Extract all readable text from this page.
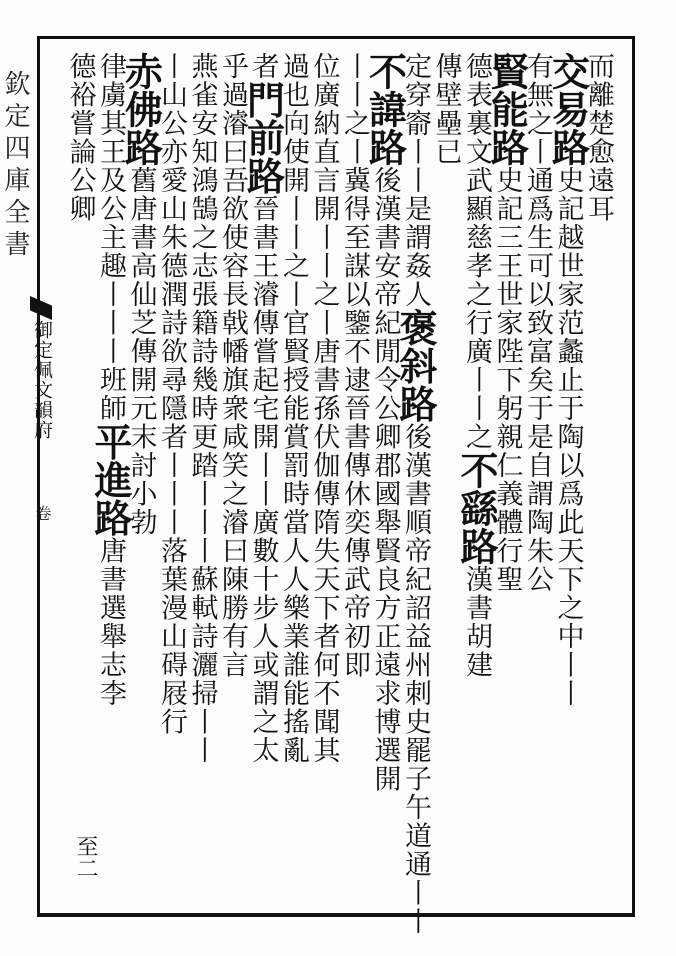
欽定四庫全書
御定佩文韻府
卷
而離楚愈遠耳
交易路史記越世家范蠡止于陶以爲此天下之中丨丨
有無之丨通爲生可以致富矣于是自謂陶朱公
賢能路史記三王世家陛下躬親仁義體行聖
德表裏文武顯慈孝之行廣丨丨之不繇路漢書胡建
傳壁壘已
定穿窬丨丨是謂姦人褒斜路後漢書順帝紀詔益州刺史罷子午道通丨丨
不諱路後漢書安帝紀閒令公卿郡國舉賢良方正遠求博選開
丨丨之丨冀得至謀以鑒不逮晉書傳休奕傳武帝初即
位廣納直言開丨丨之丨唐書孫伏伽傳隋失天下者何不聞其
過也向使開丨丨之丨官賢授能賞罰時當人人樂業誰能搖亂
者門前路晉書王濬傳嘗起宅開丨丨廣數十步人或謂之太
乎過濬曰吾欲使容長戟幡旗衆咸笑之濬曰陳勝有言
燕雀安知鴻鵠之志張籍詩幾時更踏丨丨丨蘇軾詩灑掃丨丨
丨山公亦愛山朱德潤詩欲尋隱者丨丨丨落葉漫山碍屐行
赤佛路舊唐書高仙芝傳開元末討小勃
律虜其王及公主趣丨丨丨班師平進路唐書選舉志李
德裕嘗論公卿
至二
